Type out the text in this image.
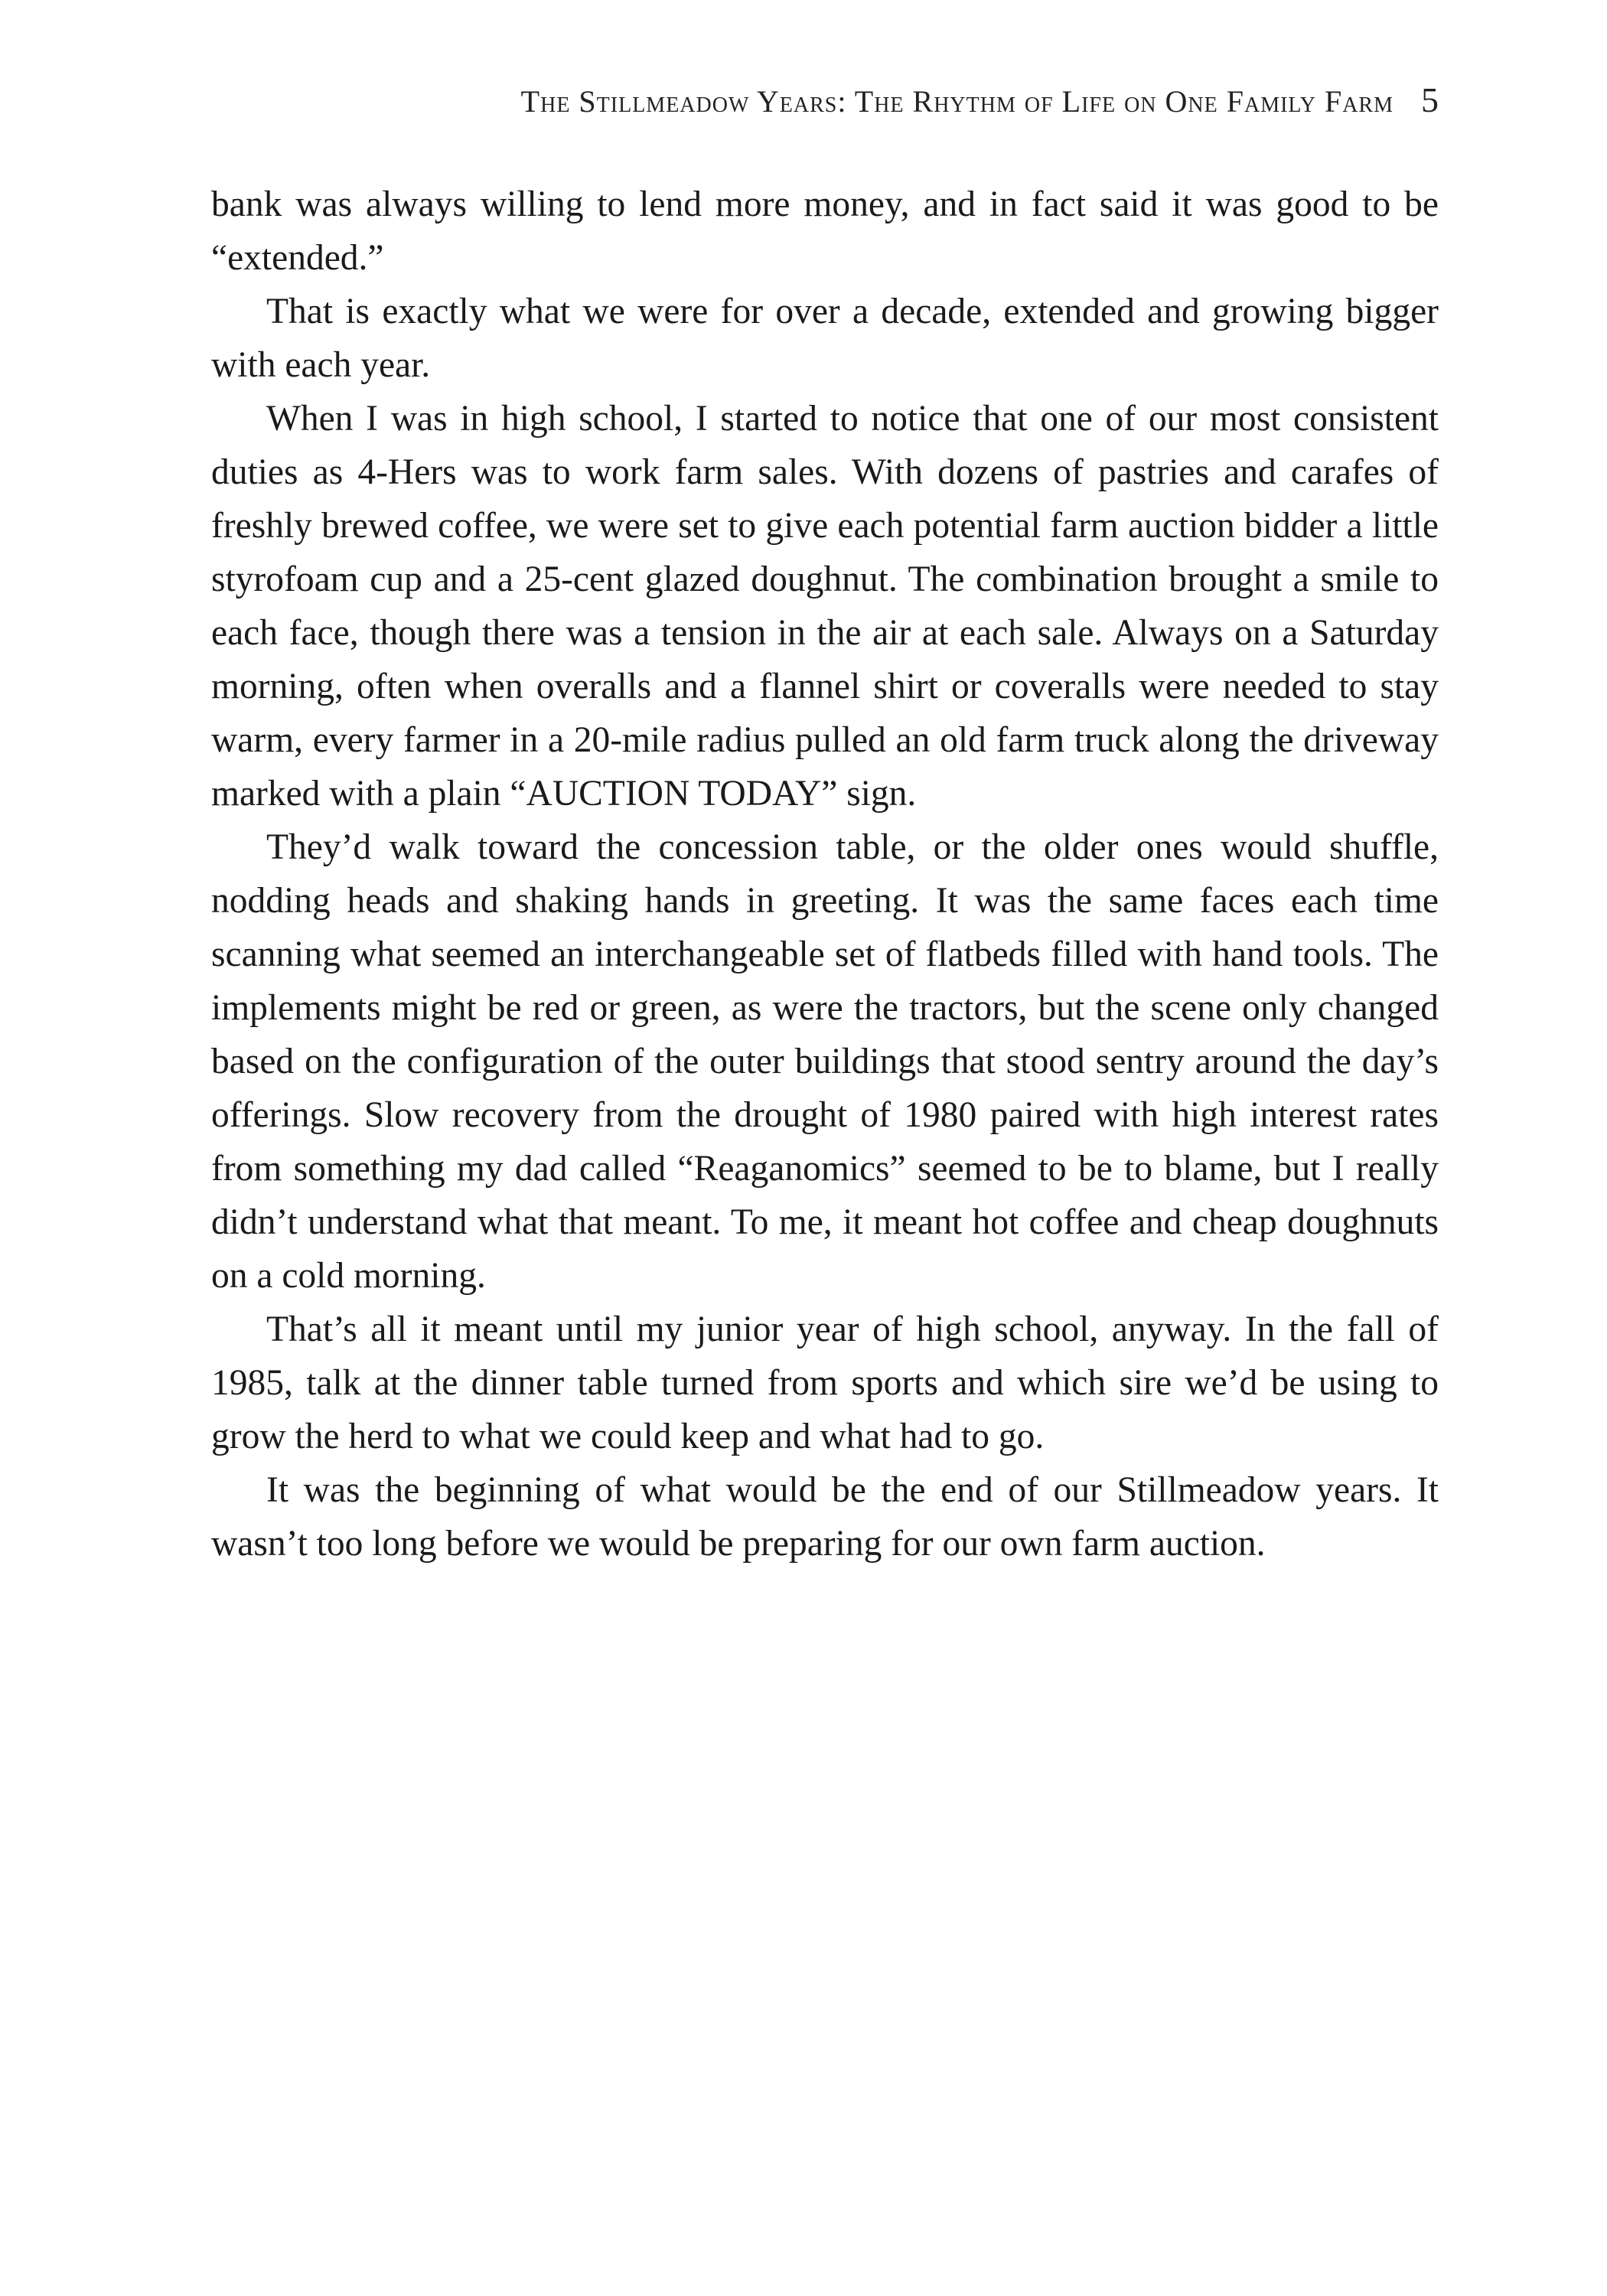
The Stillmeadow Years: The Rhythm of Life on One Family Farm 5

bank was always willing to lend more money, and in fact said it was good to be “extended.”

That is exactly what we were for over a decade, extended and growing bigger with each year.

When I was in high school, I started to notice that one of our most consistent duties as 4-Hers was to work farm sales. With dozens of pastries and carafes of freshly brewed coffee, we were set to give each potential farm auction bidder a little styrofoam cup and a 25-cent glazed doughnut. The combination brought a smile to each face, though there was a tension in the air at each sale. Always on a Saturday morning, often when overalls and a flannel shirt or coveralls were needed to stay warm, every farmer in a 20-mile radius pulled an old farm truck along the driveway marked with a plain “AUCTION TODAY” sign.

They’d walk toward the concession table, or the older ones would shuffle, nodding heads and shaking hands in greeting. It was the same faces each time scanning what seemed an interchangeable set of flatbeds filled with hand tools. The implements might be red or green, as were the tractors, but the scene only changed based on the configuration of the outer buildings that stood sentry around the day’s offerings. Slow recovery from the drought of 1980 paired with high interest rates from something my dad called “Reaganomics” seemed to be to blame, but I really didn’t understand what that meant. To me, it meant hot coffee and cheap doughnuts on a cold morning.

That’s all it meant until my junior year of high school, anyway. In the fall of 1985, talk at the dinner table turned from sports and which sire we’d be using to grow the herd to what we could keep and what had to go.

It was the beginning of what would be the end of our Stillmeadow years. It wasn’t too long before we would be preparing for our own farm auction.
